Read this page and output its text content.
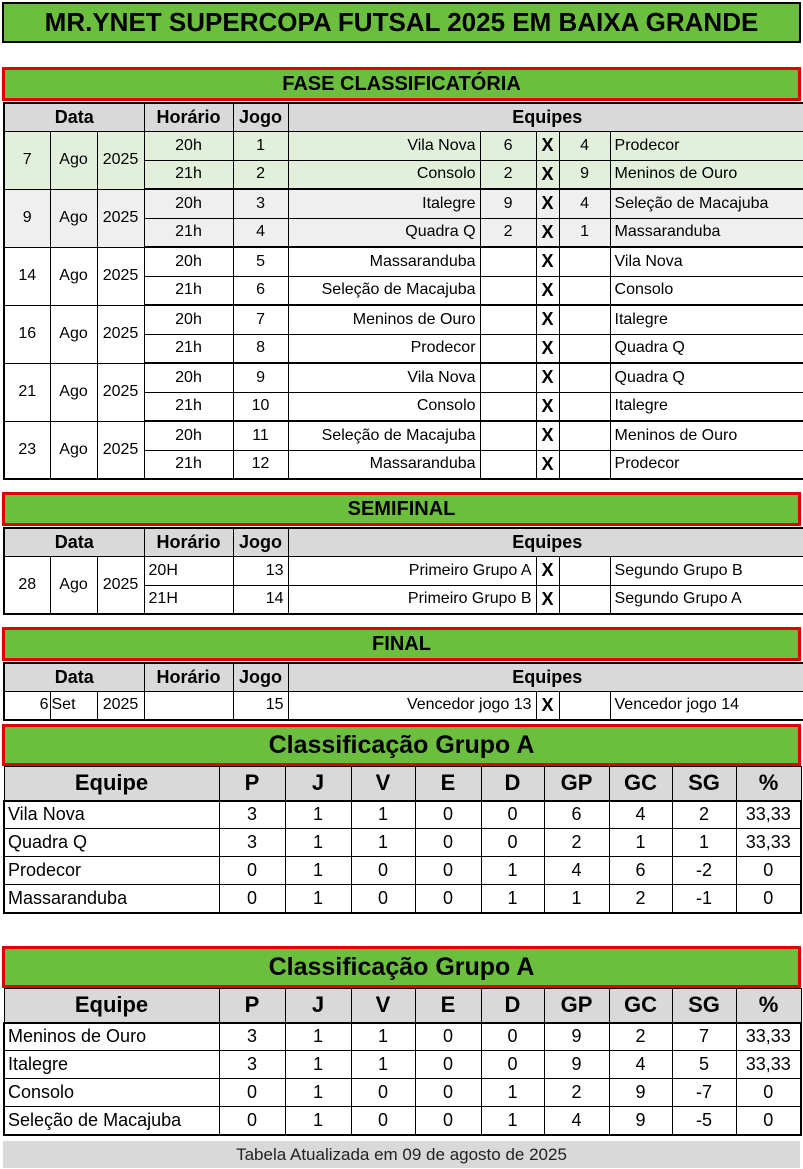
MR.YNET SUPERCOPA FUTSAL 2025 EM BAIXA GRANDE
FASE CLASSIFICATÓRIA
Data			Horário	Jogo	Equipes				
7	Ago	2025	20h	1	Vila Nova	6	X	4	Prodecor
			21h	2	Consolo	2	X	9	Meninos de Ouro
9	Ago	2025	20h	3	Italegre	9	X	4	Seleção de Macajuba
			21h	4	Quadra Q	2	X	1	Massaranduba
14	Ago	2025	20h	5	Massaranduba		X		Vila Nova
			21h	6	Seleção de Macajuba		X		Consolo
16	Ago	2025	20h	7	Meninos de Ouro		X		Italegre
			21h	8	Prodecor		X		Quadra Q
21	Ago	2025	20h	9	Vila Nova		X		Quadra Q
			21h	10	Consolo		X		Italegre
23	Ago	2025	20h	11	Seleção de Macajuba		X		Meninos de Ouro
			21h	12	Massaranduba		X		Prodecor
SEMIFINAL
Data			Horário	Jogo	Equipes			
28	Ago	2025	20H	13	Primeiro Grupo A	X		Segundo Grupo B
			21H	14	Primeiro Grupo B	X		Segundo Grupo A
FINAL
Data			Horário	Jogo	Equipes			
6	Set	2025		15	Vencedor jogo 13	X		Vencedor jogo 14
Classificação Grupo A
Equipe	P	J	V	E	D	GP	GC	SG	%
Vila Nova	3	1	1	0	0	6	4	2	33,33
Quadra Q	3	1	1	0	0	2	1	1	33,33
Prodecor	0	1	0	0	1	4	6	-2	0
Massaranduba	0	1	0	0	1	1	2	-1	0
Classificação Grupo A
Equipe	P	J	V	E	D	GP	GC	SG	%
Meninos de Ouro	3	1	1	0	0	9	2	7	33,33
Italegre	3	1	1	0	0	9	4	5	33,33
Consolo	0	1	0	0	1	2	9	-7	0
Seleção de Macajuba	0	1	0	0	1	4	9	-5	0
Tabela Atualizada em 09 de agosto de 2025
